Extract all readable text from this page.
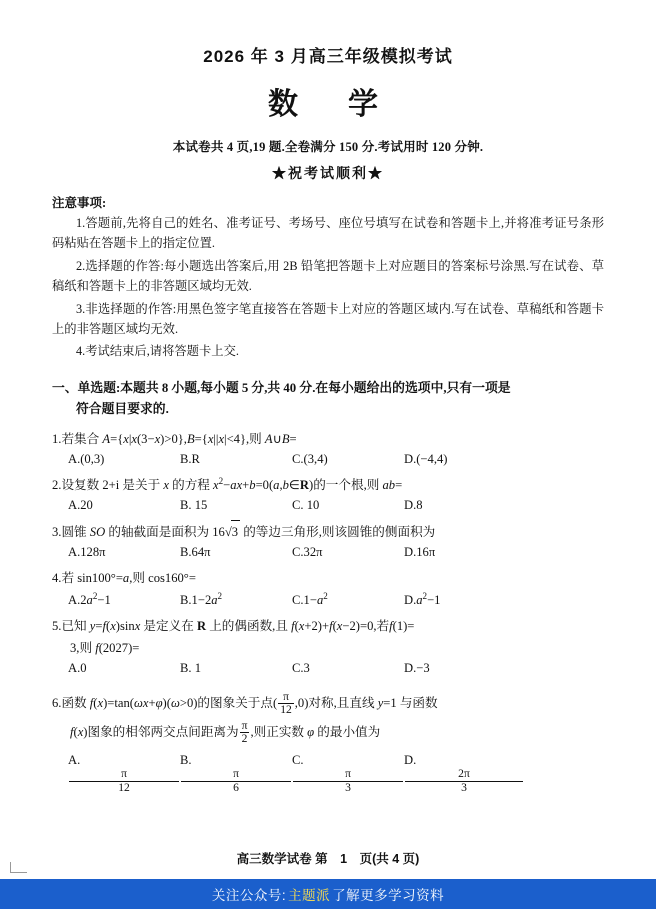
2026 年 3 月高三年级模拟考试
数　学
本试卷共 4 页,19 题.全卷满分 150 分.考试用时 120 分钟.
★祝考试顺利★
注意事项:
1.答题前,先将自己的姓名、准考证号、考场号、座位号填写在试卷和答题卡上,并将准考证号条形码粘贴在答题卡上的指定位置.
2.选择题的作答:每小题选出答案后,用 2B 铅笔把答题卡上对应题目的答案标号涂黑.写在试卷、草稿纸和答题卡上的非答题区域均无效.
3.非选择题的作答:用黑色签字笔直接答在答题卡上对应的答题区域内.写在试卷、草稿纸和答题卡上的非答题区域均无效.
4.考试结束后,请将答题卡上交.
一、单选题:本题共 8 小题,每小题 5 分,共 40 分.在每小题给出的选项中,只有一项是
符合题目要求的.
1.若集合 A={x|x(3−x)>0},B={x||x|<4},则 A∪B=
A.(0,3)	B.R	C.(3,4)	D.(−4,4)
2.设复数 2+i 是关于 x 的方程 $x^2-ax+b=0(a,b\in R)$的一个根,则 ab=
A.20	B. 15	C. 10	D.8
3.圆锥 SO 的轴截面是面积为 16√3 的等边三角形,则该圆锥的侧面积为
A.128π	B.64π	C.32π	D.16π
4.若 sin100°=a,则 cos160°=
$A.2a^2-1$	$B.1-2a^2$	$C.1-a^2$	$D.a^2-1$
5.已知 y=f(x)sinx 是定义在 R 上的偶函数,且 f(x+2)+f(x−2)=0,若f(1)=
3,则 f(2027)=
A.0	B. 1	C.3	D.−3
6.函数 f(x)=tan(ωx+φ)(ω>0)的图象关于点( $\frac{\pi}{12} ,0$)对称,且直线 y=1 与函数
f(x)图象的相邻两交点间距离为 $\frac{\pi}{2}$ ,则正实数 φ 的最小值为
A.
π
12
B.
π
6
C.
π
3
D.
2π
3
高三数学试卷 第　1　页(共 4 页)
关注公众号: 主题派 了解更多学习资料
